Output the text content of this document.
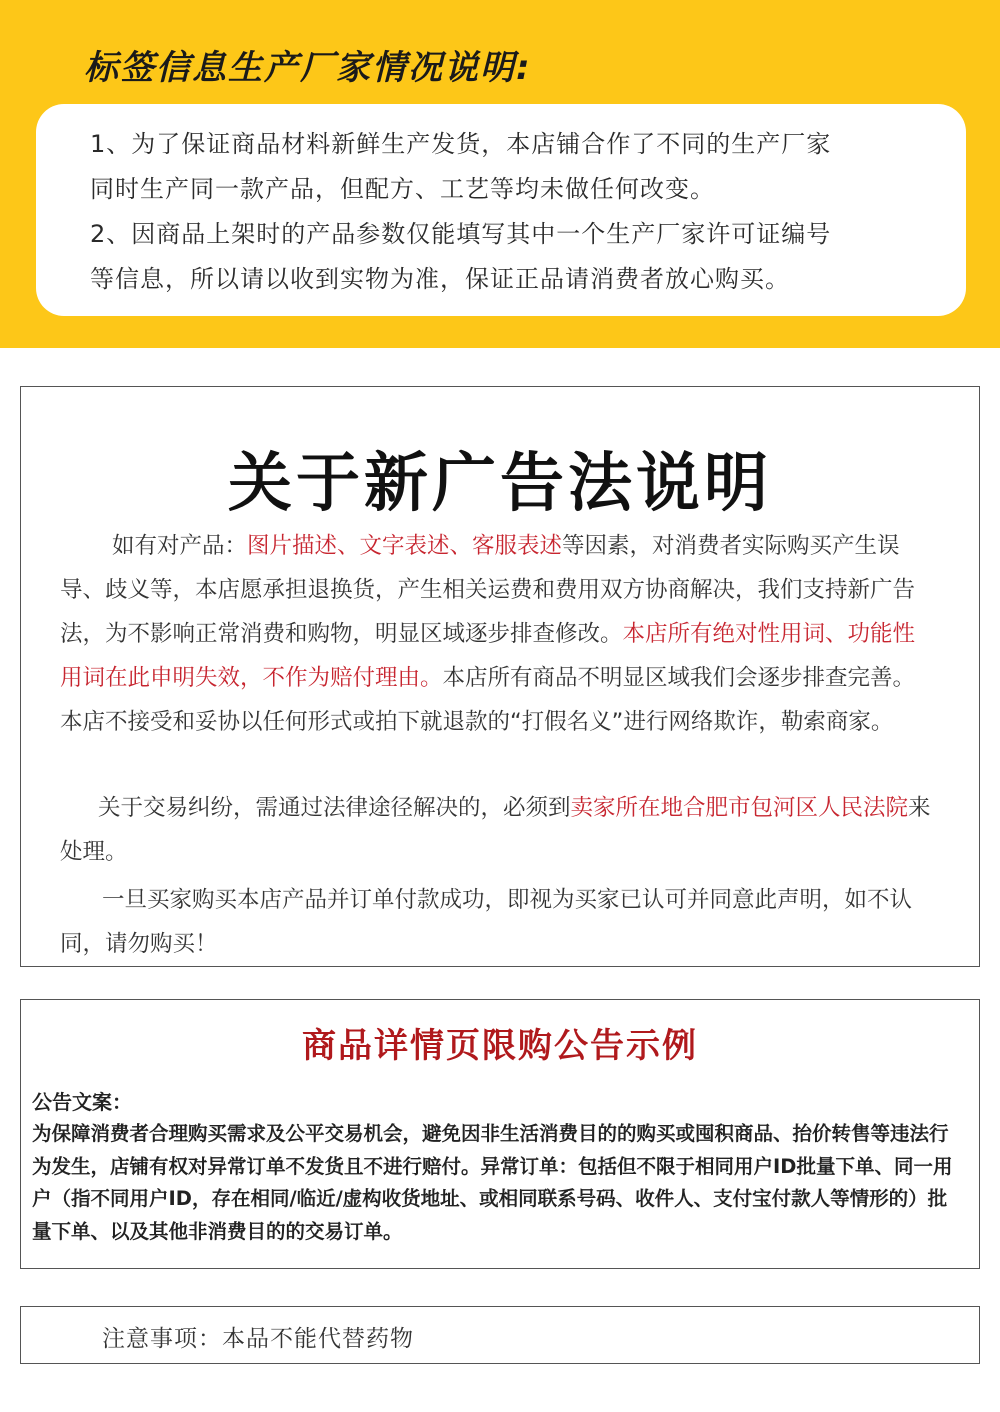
标签信息生产厂家情况说明:

1、为了保证商品材料新鲜生产发货，本店铺合作了不同的生产厂家

同时生产同一款产品，但配方、工艺等均未做任何改变。

2、因商品上架时的产品参数仅能填写其中一个生产厂家许可证编号

等信息，所以请以收到实物为准，保证正品请消费者放心购买。

关于新广告法说明

如有对产品：图片描述、文字表述、客服表述等因素，对消费者实际购买产生误导、歧义等，本店愿承担退换货，产生相关运费和费用双方协商解决，我们支持新广告法，为不影响正常消费和购物，明显区域逐步排查修改。本店所有绝对性用词、功能性用词在此申明失效，不作为赔付理由。本店所有商品不明显区域我们会逐步排查完善。本店不接受和妥协以任何形式或拍下就退款的“打假名义”进行网络欺诈，勒索商家。

关于交易纠纷，需通过法律途径解决的，必须到卖家所在地合肥市包河区人民法院来处理。

一旦买家购买本店产品并订单付款成功，即视为买家已认可并同意此声明，如不认同，请勿购买！

商品详情页限购公告示例

公告文案：

为保障消费者合理购买需求及公平交易机会，避免因非生活消费目的的购买或囤积商品、抬价转售等违法行为发生，店铺有权对异常订单不发货且不进行赔付。异常订单：包括但不限于相同用户ID批量下单、同一用户（指不同用户ID，存在相同/临近/虚构收货地址、或相同联系号码、收件人、支付宝付款人等情形的）批量下单、以及其他非消费目的的交易订单。

注意事项：本品不能代替药物
